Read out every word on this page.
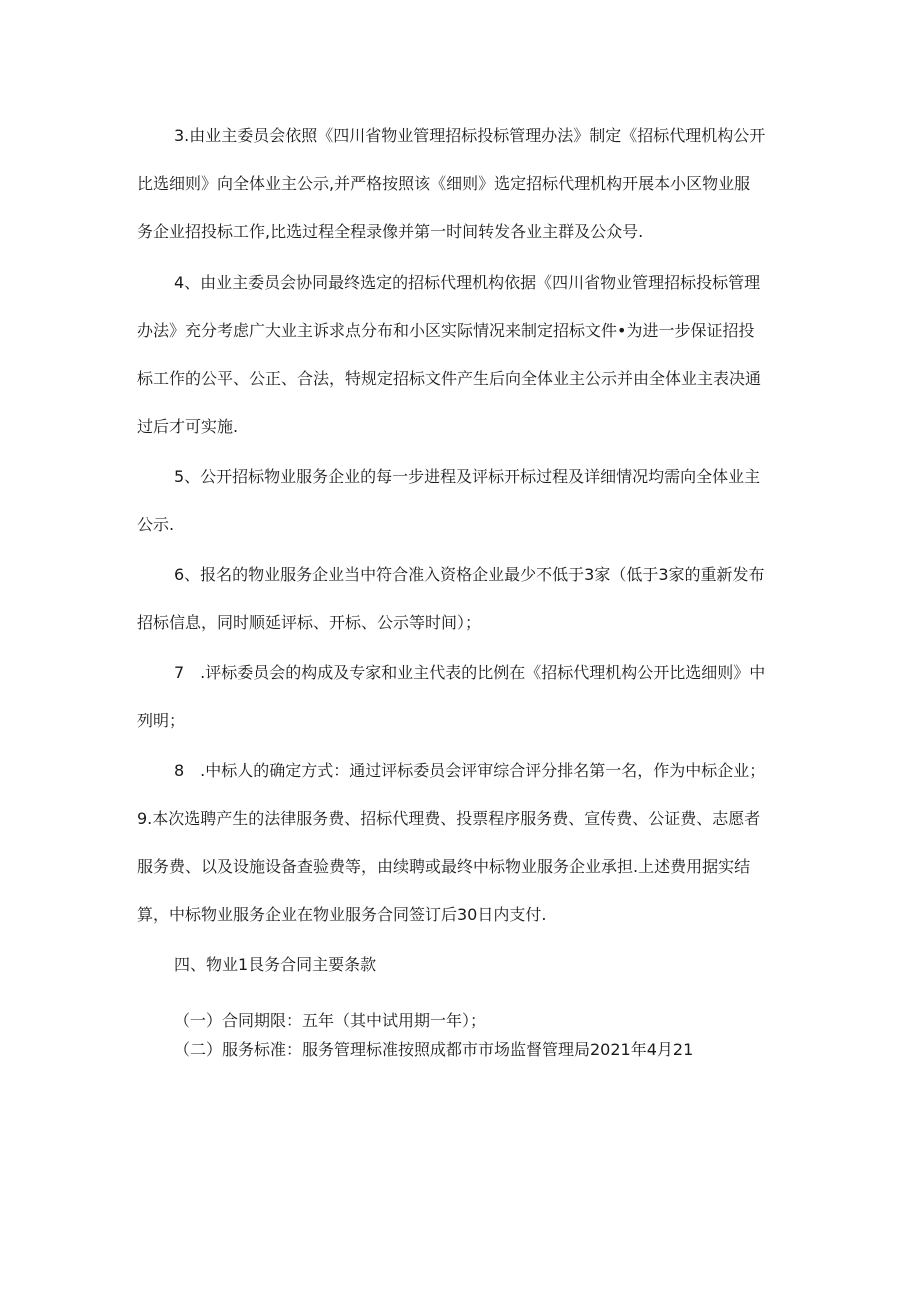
3.由业主委员会依照《四川省物业管理招标投标管理办法》制定《招标代理机构公开
比选细则》向全体业主公示,并严格按照该《细则》选定招标代理机构开展本小区物业服
务企业招投标工作,比选过程全程录像并第一时间转发各业主群及公众号.
4、由业主委员会协同最终选定的招标代理机构依据《四川省物业管理招标投标管理
办法》充分考虑广大业主诉求点分布和小区实际情况来制定招标文件•为进一步保证招投
标工作的公平、公正、合法，特规定招标文件产生后向全体业主公示并由全体业主表决通
过后才可实施.
5、公开招标物业服务企业的每一步进程及评标开标过程及详细情况均需向全体业主
公示.
6、报名的物业服务企业当中符合准入资格企业最少不低于3家（低于3家的重新发布
招标信息，同时顺延评标、开标、公示等时间）；
7　.评标委员会的构成及专家和业主代表的比例在《招标代理机构公开比选细则》中
列明；
8　.中标人的确定方式：通过评标委员会评审综合评分排名第一名，作为中标企业；
9.本次选聘产生的法律服务费、招标代理费、投票程序服务费、宣传费、公证费、志愿者
服务费、以及设施设备查验费等，由续聘或最终中标物业服务企业承担.上述费用据实结
算，中标物业服务企业在物业服务合同签订后30日内支付.
四、物业1艮务合同主要条款
（一）合同期限：五年（其中试用期一年）；
（二）服务标准：服务管理标准按照成都市市场监督管理局2021年4月21
